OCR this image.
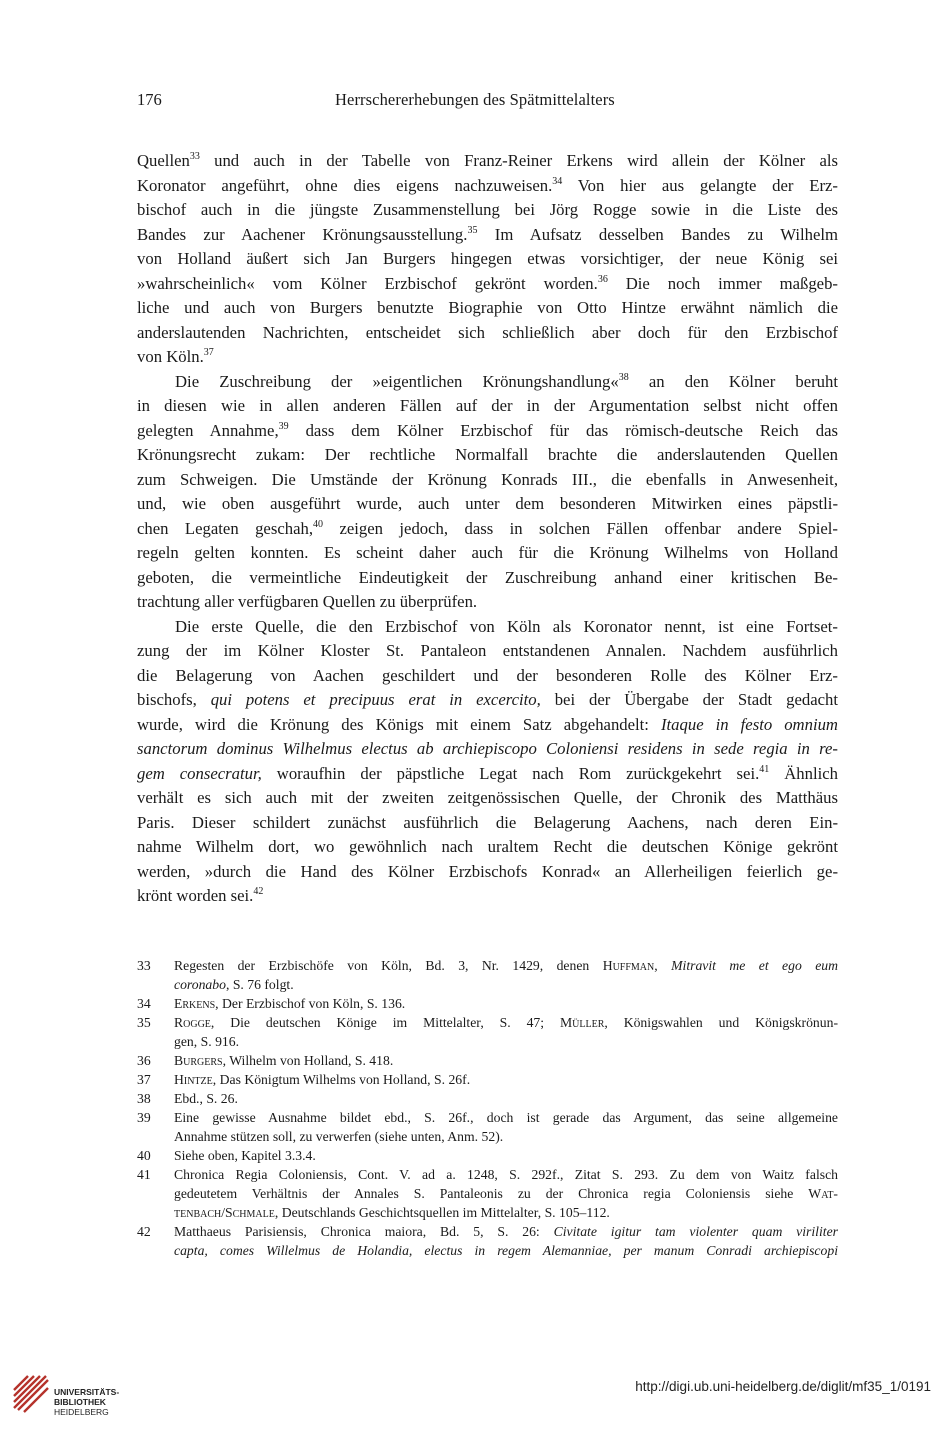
176	Herrschererhebungen des Spätmittelalters
Quellen$^{33}$ und auch in der Tabelle von Franz-Reiner Erkens wird allein der Kölner als
Koronator angeführt, ohne dies eigens nachzuweisen.$^{34}$ Von hier aus gelangte der Erz-
bischof auch in die jüngste Zusammenstellung bei Jörg Rogge sowie in die Liste des
Bandes zur Aachener Krönungsausstellung.$^{35}$ Im Aufsatz desselben Bandes zu Wilhelm
von Holland äußert sich Jan Burgers hingegen etwas vorsichtiger, der neue König sei
»wahrscheinlich« vom Kölner Erzbischof gekrönt worden.$^{36}$ Die noch immer maßgeb-
liche und auch von Burgers benutzte Biographie von Otto Hintze erwähnt nämlich die
anderslautenden Nachrichten, entscheidet sich schließlich aber doch für den Erzbischof
von Köln.$^{37}$
Die Zuschreibung der »eigentlichen Krönungshandlung«$^{38}$ an den Kölner beruht
in diesen wie in allen anderen Fällen auf der in der Argumentation selbst nicht offen
gelegten Annahme,$^{39}$ dass dem Kölner Erzbischof für das römisch-deutsche Reich das
Krönungsrecht zukam: Der rechtliche Normalfall brachte die anderslautenden Quellen
zum Schweigen. Die Umstände der Krönung Konrads III., die ebenfalls in Anwesenheit,
und, wie oben ausgeführt wurde, auch unter dem besonderen Mitwirken eines päpstli-
chen Legaten geschah,$^{40}$ zeigen jedoch, dass in solchen Fällen offenbar andere Spiel-
regeln gelten konnten. Es scheint daher auch für die Krönung Wilhelms von Holland
geboten, die vermeintliche Eindeutigkeit der Zuschreibung anhand einer kritischen Be-
trachtung aller verfügbaren Quellen zu überprüfen.
Die erste Quelle, die den Erzbischof von Köln als Koronator nennt, ist eine Fortset-
zung der im Kölner Kloster St. Pantaleon entstandenen Annalen. Nachdem ausführlich
die Belagerung von Aachen geschildert und der besonderen Rolle des Kölner Erz-
bischofs, qui potens et precipuus erat in excercito, bei der Übergabe der Stadt gedacht
wurde, wird die Krönung des Königs mit einem Satz abgehandelt: Itaque in festo omnium
sanctorum dominus Wilhelmus electus ab archiepiscopo Coloniensi residens in sede regia in re-
gem consecratur, woraufhin der päpstliche Legat nach Rom zurückgekehrt sei.$^{41}$ Ähnlich
verhält es sich auch mit der zweiten zeitgenössischen Quelle, der Chronik des Matthäus
Paris. Dieser schildert zunächst ausführlich die Belagerung Aachens, nach deren Ein-
nahme Wilhelm dort, wo gewöhnlich nach uraltem Recht die deutschen Könige gekrönt
werden, »durch die Hand des Kölner Erzbischofs Konrad« an Allerheiligen feierlich ge-
krönt worden sei.$^{42}$
33 Regesten der Erzbischöfe von Köln, Bd. 3, Nr. 1429, denen Huffman, Mitravit me et ego eum
coronabo, S. 76 folgt.
34 Erkens, Der Erzbischof von Köln, S. 136.
35 Rogge, Die deutschen Könige im Mittelalter, S. 47; Müller, Königswahlen und Königskrönun-
gen, S. 916.
36 Burgers, Wilhelm von Holland, S. 418.
37 Hintze, Das Königtum Wilhelms von Holland, S. 26f.
38 Ebd., S. 26.
39 Eine gewisse Ausnahme bildet ebd., S. 26f., doch ist gerade das Argument, das seine allgemeine
Annahme stützen soll, zu verwerfen (siehe unten, Anm. 52).
40 Siehe oben, Kapitel 3.3.4.
41 Chronica Regia Coloniensis, Cont. V. ad a. 1248, S. 292f., Zitat S. 293. Zu dem von Waitz falsch
gedeutetem Verhältnis der Annales S. Pantaleonis zu der Chronica regia Coloniensis siehe Wat-
tenbach/Schmale, Deutschlands Geschichtsquellen im Mittelalter, S. 105–112.
42 Matthaeus Parisiensis, Chronica maiora, Bd. 5, S. 26: Civitate igitur tam violenter quam viriliter
capta, comes Willelmus de Holandia, electus in regem Alemanniae, per manum Conradi archiepiscopi
UNIVERSITÄTS-
BIBLIOTHEK
HEIDELBERG
http://digi.ub.uni-heidelberg.de/diglit/mf35_1/0191
